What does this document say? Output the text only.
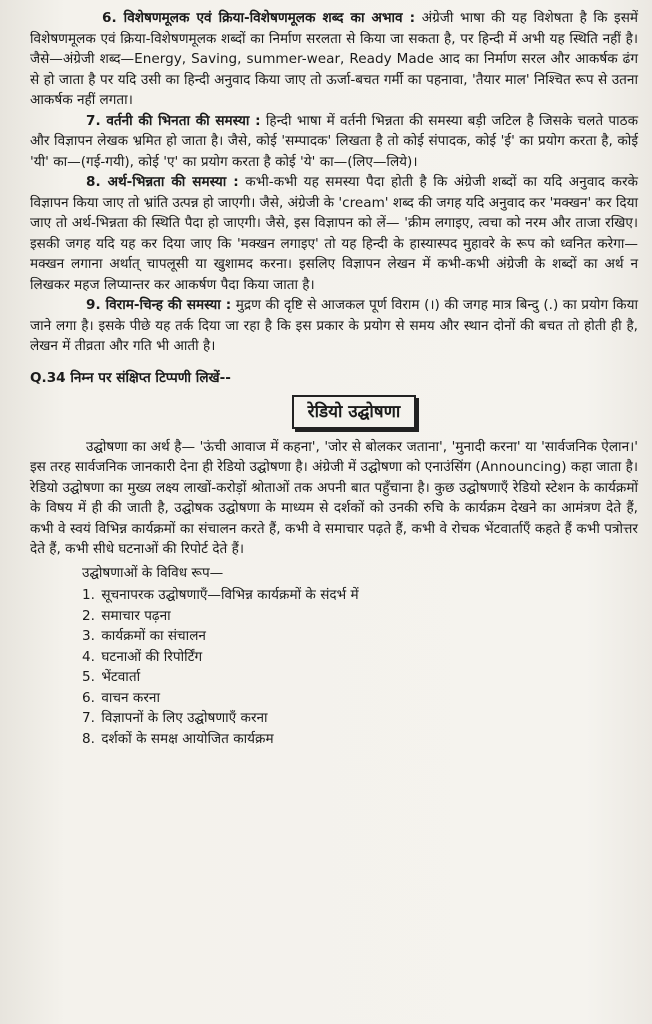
6. विशेषणमूलक एवं क्रिया-विशेषणमूलक शब्द का अभाव : अंग्रेजी भाषा की यह विशेषता है कि इसमें विशेषणमूलक एवं क्रिया-विशेषणमूलक शब्दों का निर्माण सरलता से किया जा सकता है, पर हिन्दी में अभी यह स्थिति नहीं है। जैसे—अंग्रेजी शब्द—Energy, Saving, summer-wear, Ready Made आद का निर्माण सरल और आकर्षक ढंग से हो जाता है पर यदि उसी का हिन्दी अनुवाद किया जाए तो ऊर्जा-बचत गर्मी का पहनावा, 'तैयार माल' निश्चित रूप से उतना आकर्षक नहीं लगता।

7. वर्तनी की भिनता की समस्या : हिन्दी भाषा में वर्तनी भिन्नता की समस्या बड़ी जटिल है जिसके चलते पाठक और विज्ञापन लेखक भ्रमित हो जाता है। जैसे, कोई 'सम्पादक' लिखता है तो कोई संपादक, कोई 'ई' का प्रयोग करता है, कोई 'यी' का—(गई-गयी), कोई 'ए' का प्रयोग करता है कोई 'ये' का—(लिए—लिये)।

8. अर्थ-भिन्नता की समस्या : कभी-कभी यह समस्या पैदा होती है कि अंग्रेजी शब्दों का यदि अनुवाद करके विज्ञापन किया जाए तो भ्रांति उत्पन्न हो जाएगी। जैसे, अंग्रेजी के 'cream' शब्द की जगह यदि अनुवाद कर 'मक्खन' कर दिया जाए तो अर्थ-भिन्नता की स्थिति पैदा हो जाएगी। जैसे, इस विज्ञापन को लें— 'क्रीम लगाइए, त्वचा को नरम और ताजा रखिए। इसकी जगह यदि यह कर दिया जाए कि 'मक्खन लगाइए' तो यह हिन्दी के हास्यास्पद मुहावरे के रूप को ध्वनित करेगा—मक्खन लगाना अर्थात् चापलूसी या खुशामद करना। इसलिए विज्ञापन लेखन में कभी-कभी अंग्रेजी के शब्दों का अर्थ न लिखकर महज लिप्यान्तर कर आकर्षण पैदा किया जाता है।

9. विराम-चिन्ह की समस्या : मुद्रण की दृष्टि से आजकल पूर्ण विराम (।) की जगह मात्र बिन्दु (.) का प्रयोग किया जाने लगा है। इसके पीछे यह तर्क दिया जा रहा है कि इस प्रकार के प्रयोग से समय और स्थान दोनों की बचत तो होती ही है, लेखन में तीव्रता और गति भी आती है।

Q.34 निम्न पर संक्षिप्त टिप्पणी लिखें--
रेडियो उद्घोषणा

उद्घोषणा का अर्थ है— 'ऊंची आवाज में कहना', 'जोर से बोलकर जताना', 'मुनादी करना' या 'सार्वजनिक ऐलान।' इस तरह सार्वजनिक जानकारी देना ही रेडियो उद्घोषणा है। अंग्रेजी में उद्घोषणा को एनाउंसिंग (Announcing) कहा जाता है। रेडियो उद्घोषणा का मुख्य लक्ष्य लाखों-करोड़ों श्रोताओं तक अपनी बात पहुँचाना है। कुछ उद्घोषणाएँ रेडियो स्टेशन के कार्यक्रमों के विषय में ही की जाती है, उद्घोषक उद्घोषणा के माध्यम से दर्शकों को उनकी रुचि के कार्यक्रम देखने का आमंत्रण देते हैं, कभी वे स्वयं विभिन्न कार्यक्रमों का संचालन करते हैं, कभी वे समाचार पढ़ते हैं, कभी वे रोचक भेंटवार्ताएँ कहते हैं कभी पत्रोत्तर देते हैं, कभी सीधे घटनाओं की रिपोर्ट देते हैं।

उद्घोषणाओं के विविध रूप—
1. सूचनापरक उद्घोषणाएँ—विभिन्न कार्यक्रमों के संदर्भ में
2. समाचार पढ़ना
3. कार्यक्रमों का संचालन
4. घटनाओं की रिपोर्टिंग
5. भेंटवार्ता
6. वाचन करना
7. विज्ञापनों के लिए उद्घोषणाएँ करना
8. दर्शकों के समक्ष आयोजित कार्यक्रम
